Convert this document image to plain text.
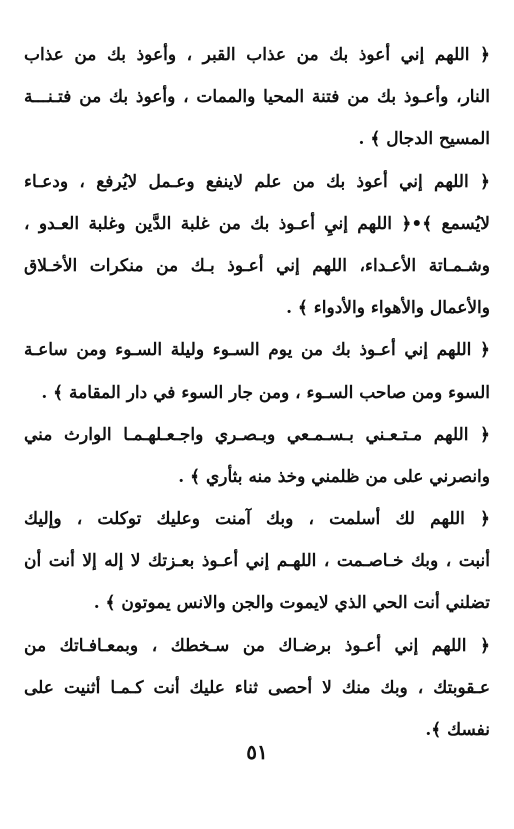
﴿ اللهم إني أعوذ بك من عذاب القبر ، وأعوذ بك من عذاب
النار، وأعـوذ بك من فتنة المحيا والممات ، وأعوذ بك من فتـنـــة
المسيح الدجال ﴾ .
﴿ اللهم إني أعوذ بك من علم لاينفع وعـمل لايُرفع ، ودعـاء
لايُسمع ﴾•﴿ اللهم إنيِ أعـوذ بك من غلبة الدَّين وغلبة العـدو ،
وشـمـاتة الأعـداء، اللهم إني أعـوذ بـك من منكرات الأخـلاق
والأعمال والأهواء والأدواء ﴾ .
﴿ اللهم إني أعـوذ بك من يوم السـوء وليلة السـوء ومن ساعـة
السوء ومن صاحب السـوء ، ومن جار السوء في دار المقامة ﴾ .
﴿ اللهم مـتـعـني بـسـمـعي وبـصـري واجـعـلهـمـا الوارث مني
وانصرني على من ظلمني وخذ منه بثأري ﴾ .
﴿ اللهم لك أسلمت ، وبك آمنت وعليك توكلت ، وإليك
أنبت ، وبك خـاصـمت ، اللهـم إني أعـوذ بعـزتك لا إله إلا أنت أن
تضلني أنت الحي الذي لايموت والجن والانس يموتون ﴾ .
﴿ اللهم إني أعـوذ برضـاك من سـخطك ، وبمعـافـاتك من
عـقوبتك ، وبك منك لا أحصى ثناء عليك أنت كـمـا أثنيت على
نفسك ﴾.
٥١
